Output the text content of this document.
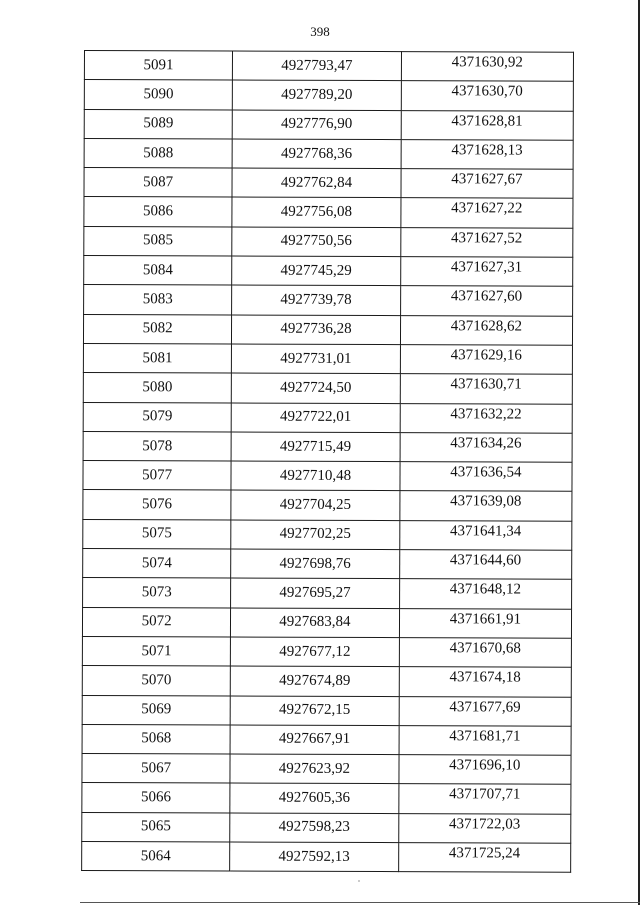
398
5091	4927793,47	4371630,92
5090	4927789,20	4371630,70
5089	4927776,90	4371628,81
5088	4927768,36	4371628,13
5087	4927762,84	4371627,67
5086	4927756,08	4371627,22
5085	4927750,56	4371627,52
5084	4927745,29	4371627,31
5083	4927739,78	4371627,60
5082	4927736,28	4371628,62
5081	4927731,01	4371629,16
5080	4927724,50	4371630,71
5079	4927722,01	4371632,22
5078	4927715,49	4371634,26
5077	4927710,48	4371636,54
5076	4927704,25	4371639,08
5075	4927702,25	4371641,34
5074	4927698,76	4371644,60
5073	4927695,27	4371648,12
5072	4927683,84	4371661,91
5071	4927677,12	4371670,68
5070	4927674,89	4371674,18
5069	4927672,15	4371677,69
5068	4927667,91	4371681,71
5067	4927623,92	4371696,10
5066	4927605,36	4371707,71
5065	4927598,23	4371722,03
5064	4927592,13	4371725,24
